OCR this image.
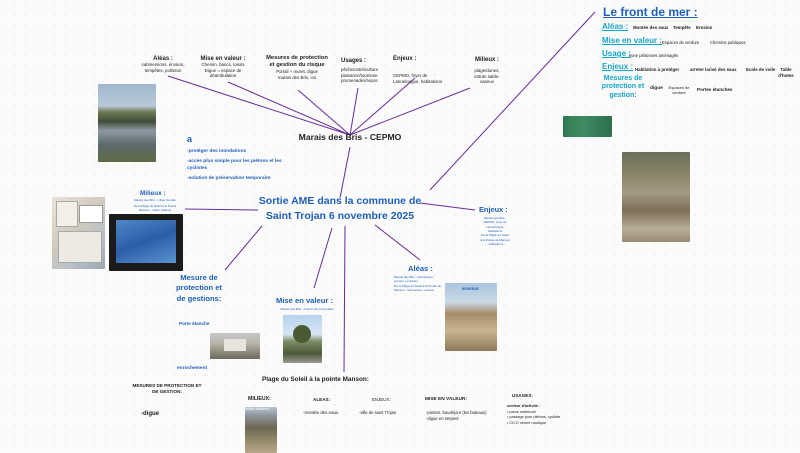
Aléas :
submersions, érosion, tempêtes, pollution
Mise en valeur :
Chemin, bancs, loisirs
Digue = espace de déambulation
Mesures de protection et gestion du risque
Portail + muret, digue
marais des Bris, ios
Usages :
pêche/ostréiculture
plaisance/tourisme
promenades/repos
Enjeux :
CEPMO, foyer de Lannelongue, habitations
Milieux :
plage/dunes, estran sablo-vaseux
Marais des Bris - CEPMO
a
-protéger des inondations
-accès plus simple pour les piétons et les cyclistes
-solution de préservation temporaire
Sortie AME dans la commune de
Saint Trojan 6 novembre 2025
Milieux :
Marais des Bris : milieu humide
De la Plage du Soleil à la Pointe Manson : milieu sableux
Mesure de protection et de gestions:
Porte étanche
enrochement
Mise en valeur :
Marais des Bris : chemin de promenade
Aléas :
Marais des Bris : submersion, érosion, tempêtes
De la Plage du Soleil à la Pointe de Manson : submersion, érosion	erosion
Enjeux :
Marais des Bris : CEPMO, foyer de Lannelongue, habitations
De la Plage du Soleil à la Pointe de Manson : habitations
Le front de mer :
Aléas : Montée des eaux Tempête Erosion
Mise en valeur : Espaces de verdure	Chemins publiques
Usage :
zone piétonnes aménagés
Enjeux : Habitation à protéger arreter larivé des eaux Ecole de voile	Table d'hotes
Mesures de protection et gestion:
digue	Espaces de verdure
Portes étanches
Plage du Soleil à la pointe Manson:
MESURES DE PROTECTION ET DE GESTION:
-digue
MILIEUX:
milieu sableux
ALEAS:
-montée des eaux
ENJEUX:
-ville de saint Trojan
MISE EN VALEUR:
-ponton, boudéjour (les bateaux)
-digue en serpent
USAGES:
secteur d'activité :
• parcs ostréicole
• passage pour piétons, cycliste
• CICO centre nautique
